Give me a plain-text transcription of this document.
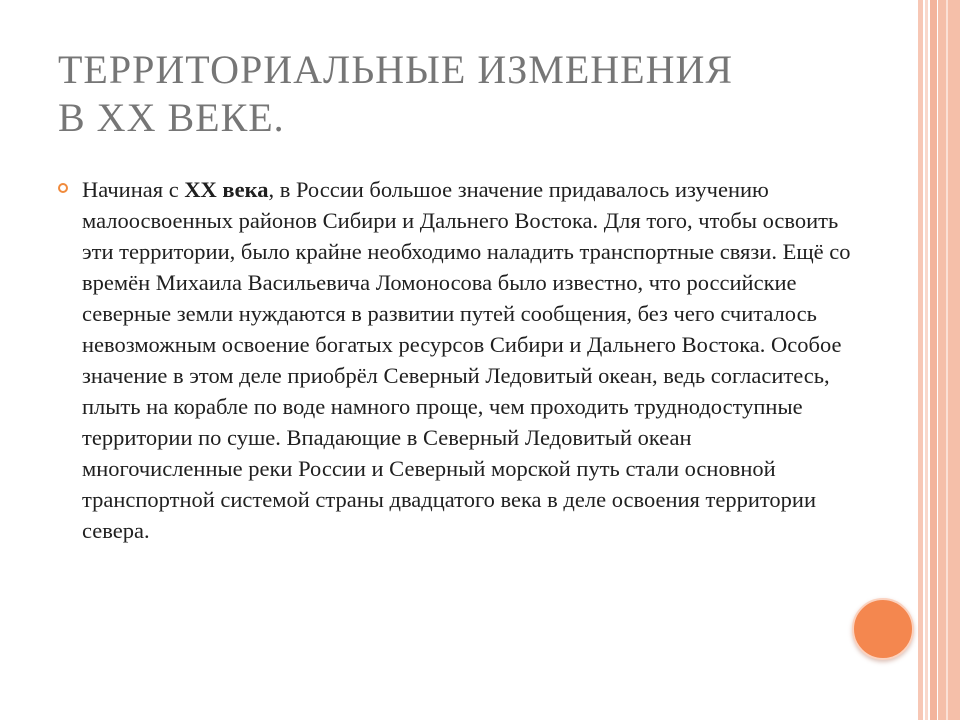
ТЕРРИТОРИАЛЬНЫЕ ИЗМЕНЕНИЯ
В XX ВЕКЕ.

Начиная с XX века, в России большое значение придавалось изучению малоосвоенных районов Сибири и Дальнего Востока. Для того, чтобы освоить эти территории, было крайне необходимо наладить транспортные связи. Ещё со времён Михаила Васильевича Ломоносова было известно, что российские северные земли нуждаются в развитии путей сообщения, без чего считалось невозможным освоение богатых ресурсов Сибири и Дальнего Востока. Особое значение в этом деле приобрёл Северный Ледовитый океан, ведь согласитесь, плыть на корабле по воде намного проще, чем проходить труднодоступные территории по суше. Впадающие в Северный Ледовитый океан многочисленные реки России и Северный морской путь стали основной транспортной системой страны двадцатого века в деле освоения территории севера.
